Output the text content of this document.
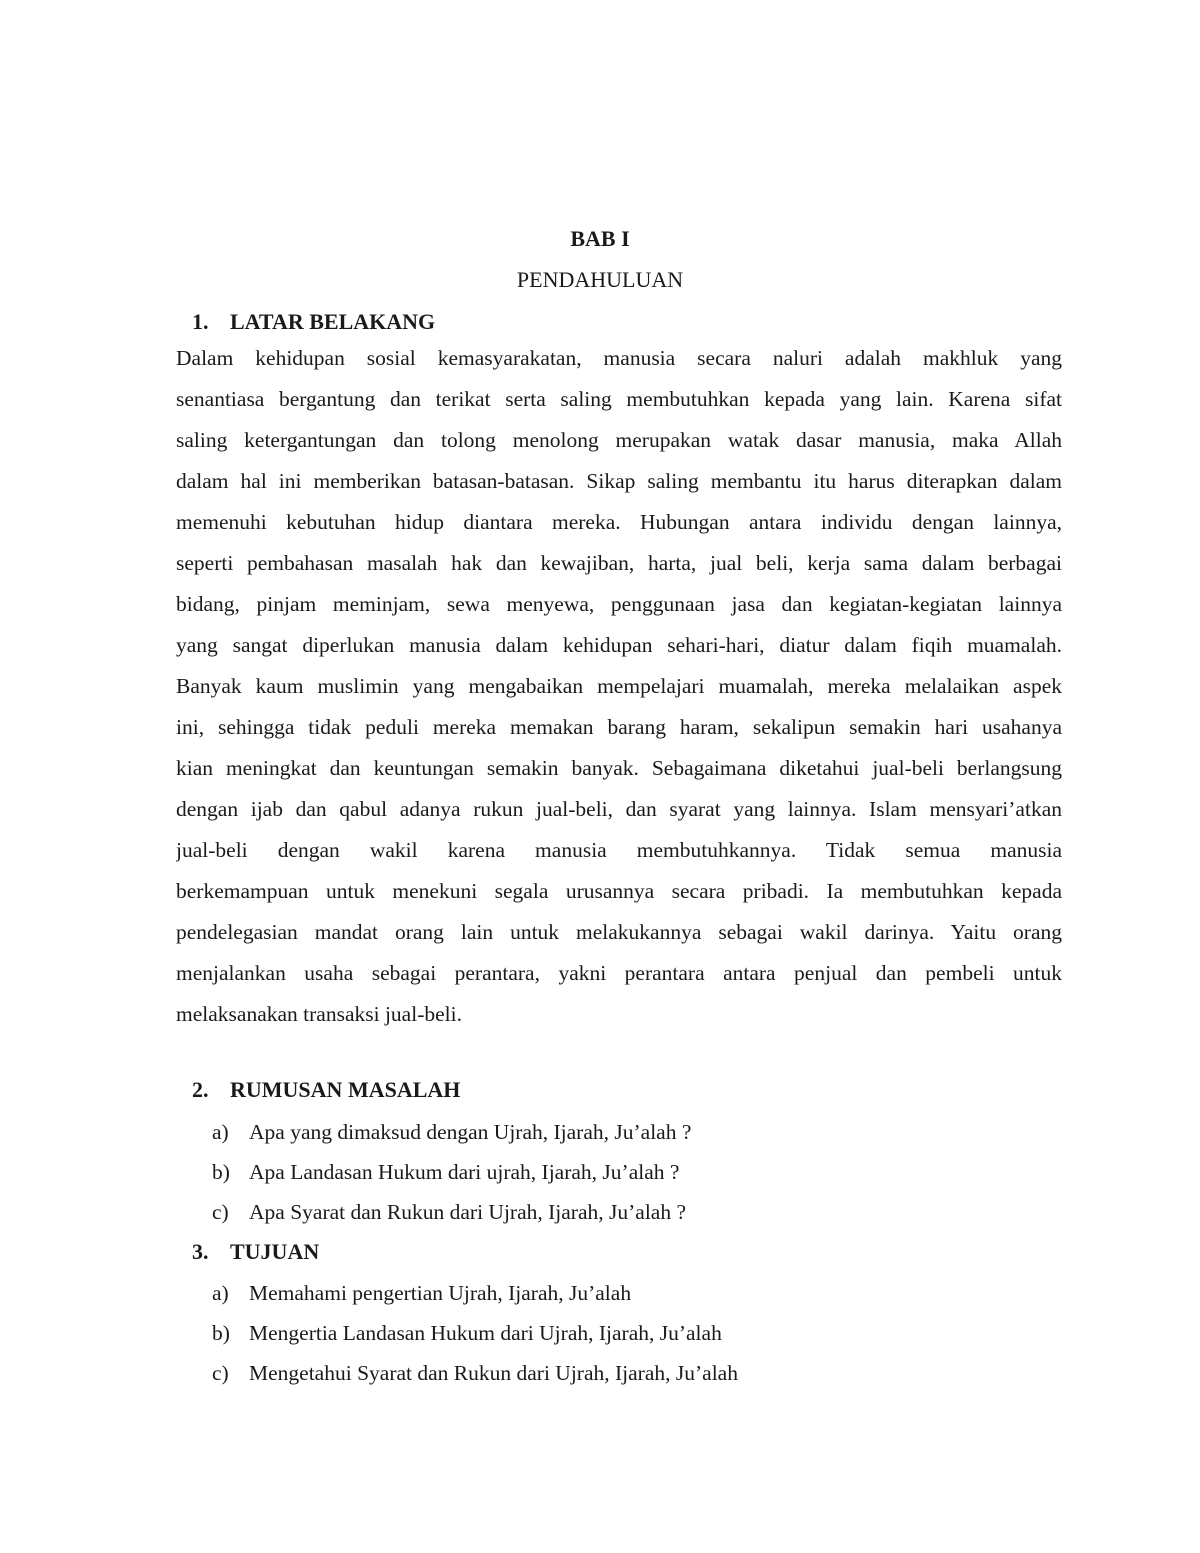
BAB I
PENDAHULUAN
1. LATAR BELAKANG
Dalam kehidupan sosial kemasyarakatan, manusia secara naluri adalah makhluk yang
senantiasa bergantung dan terikat serta saling membutuhkan kepada yang lain. Karena sifat
saling ketergantungan dan tolong menolong merupakan watak dasar manusia, maka Allah
dalam hal ini memberikan batasan-batasan. Sikap saling membantu itu harus diterapkan dalam
memenuhi kebutuhan hidup diantara mereka. Hubungan antara individu dengan lainnya,
seperti pembahasan masalah hak dan kewajiban, harta, jual beli, kerja sama dalam berbagai
bidang, pinjam meminjam, sewa menyewa, penggunaan jasa dan kegiatan-kegiatan lainnya
yang sangat diperlukan manusia dalam kehidupan sehari-hari, diatur dalam fiqih muamalah.
Banyak kaum muslimin yang mengabaikan mempelajari muamalah, mereka melalaikan aspek
ini, sehingga tidak peduli mereka memakan barang haram, sekalipun semakin hari usahanya
kian meningkat dan keuntungan semakin banyak. Sebagaimana diketahui jual-beli berlangsung
dengan ijab dan qabul adanya rukun jual-beli, dan syarat yang lainnya. Islam mensyari’atkan
jual-beli dengan wakil karena manusia membutuhkannya. Tidak semua manusia
berkemampuan untuk menekuni segala urusannya secara pribadi. Ia membutuhkan kepada
pendelegasian mandat orang lain untuk melakukannya sebagai wakil darinya. Yaitu orang
menjalankan usaha sebagai perantara, yakni perantara antara penjual dan pembeli untuk
melaksanakan transaksi jual-beli.
2. RUMUSAN MASALAH
a) Apa yang dimaksud dengan Ujrah, Ijarah, Ju’alah ?
b) Apa Landasan Hukum dari ujrah, Ijarah, Ju’alah ?
c) Apa Syarat dan Rukun dari Ujrah, Ijarah, Ju’alah ?
3. TUJUAN
a) Memahami pengertian Ujrah, Ijarah, Ju’alah
b) Mengertia Landasan Hukum dari Ujrah, Ijarah, Ju’alah
c) Mengetahui Syarat dan Rukun dari Ujrah, Ijarah, Ju’alah
